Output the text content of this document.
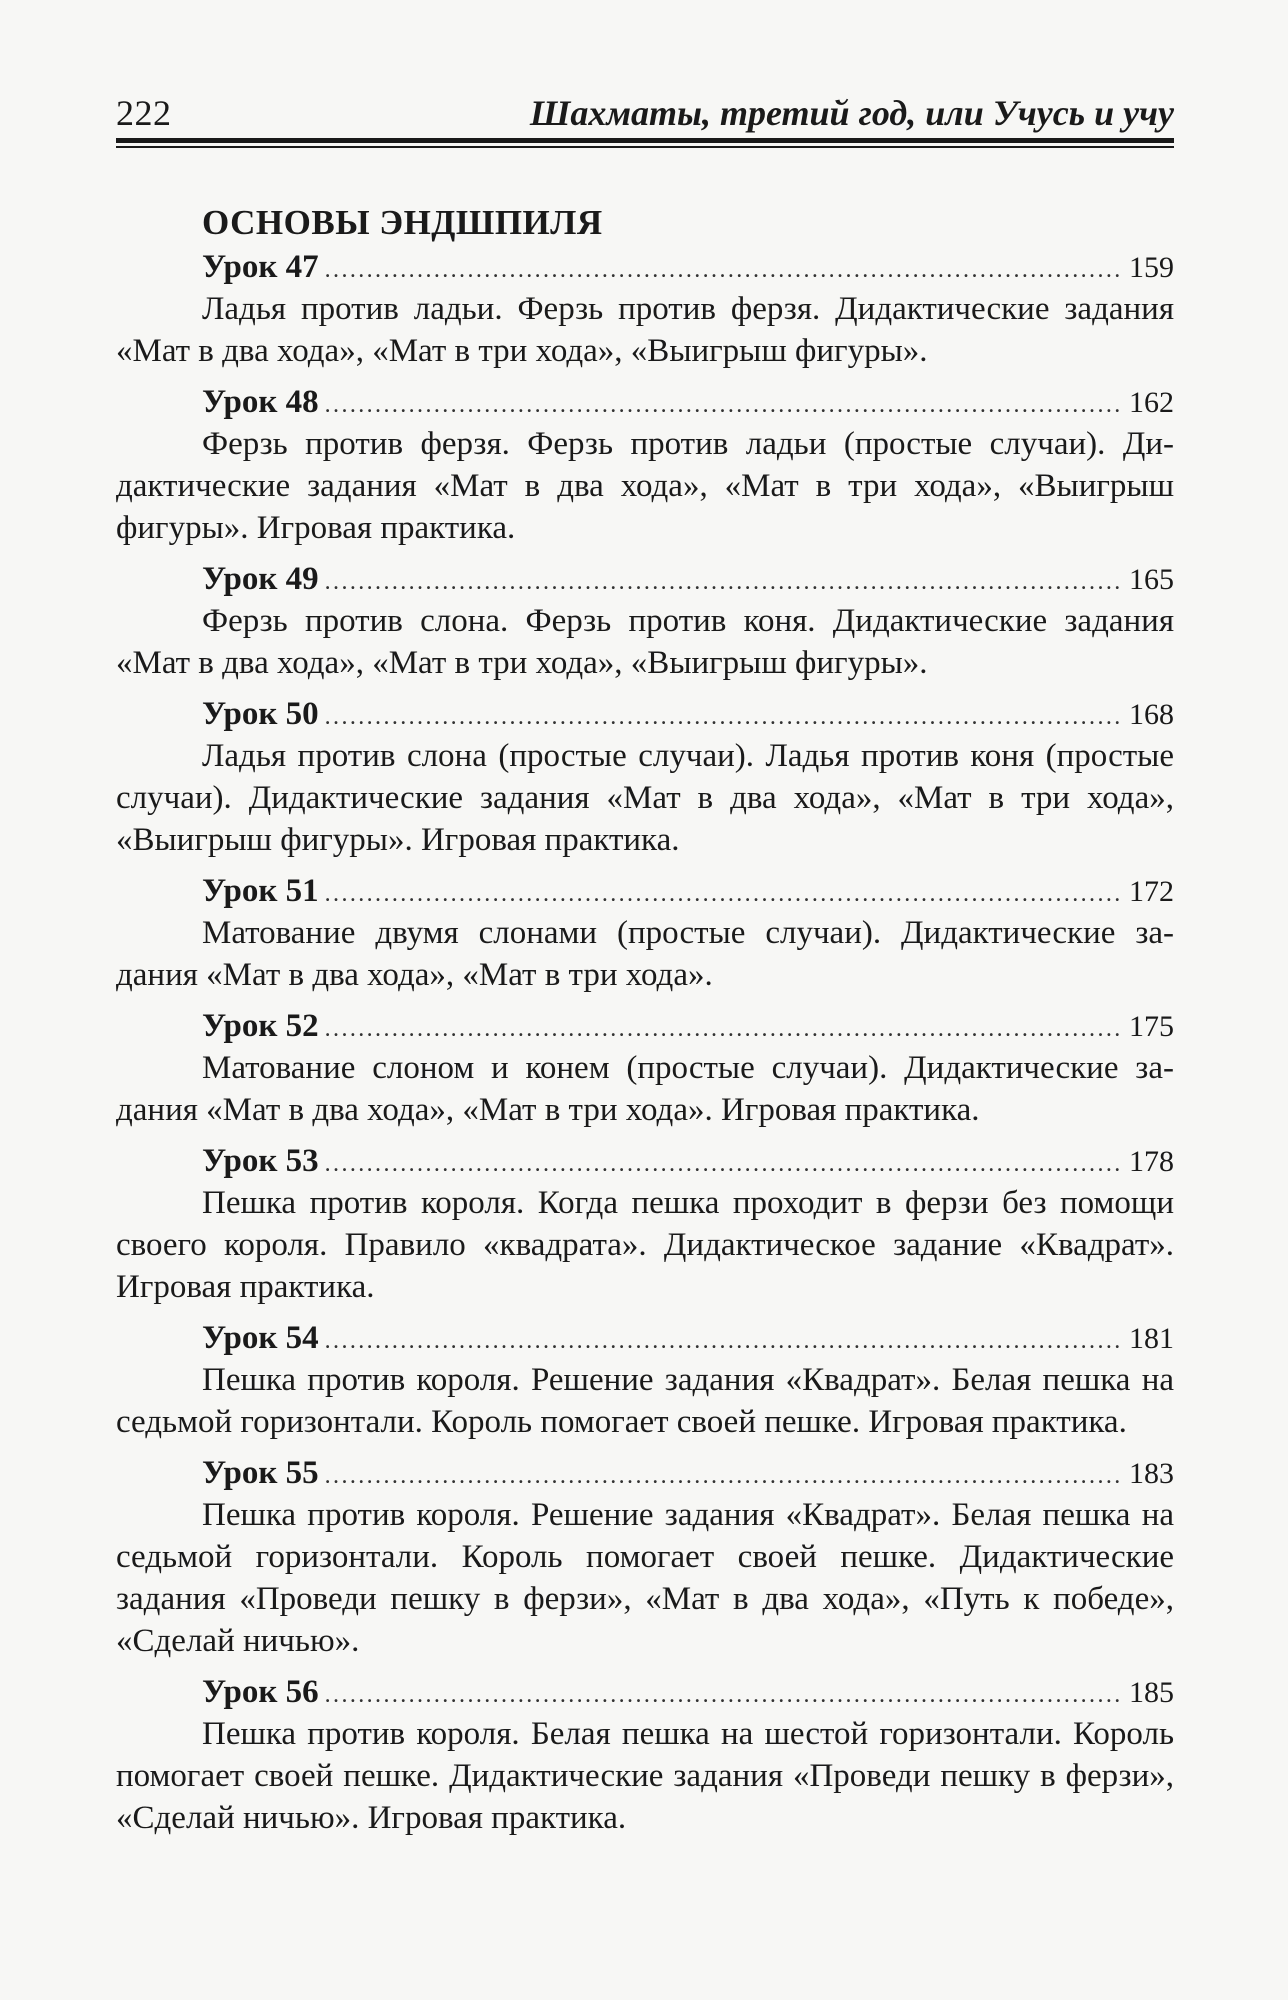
222	Шахматы, третий год, или Учусь и учу
ОСНОВЫ ЭНДШПИЛЯ
Урок 47 .....	159

Ладья против ладьи. Ферзь против ферзя. Дидактические задания «Мат в два хода», «Мат в три хода», «Выигрыш фигуры».

Урок 48 .....	162

Ферзь против ферзя. Ферзь против ладьи (простые случаи). Дидактические задания «Мат в два хода», «Мат в три хода», «Выигрыш фигуры». Игровая практика.

Урок 49 .....	165

Ферзь против слона. Ферзь против коня. Дидактические задания «Мат в два хода», «Мат в три хода», «Выигрыш фигуры».

Урок 50 .....	168

Ладья против слона (простые случаи). Ладья против коня (простые случаи). Дидактические задания «Мат в два хода», «Мат в три хода», «Выигрыш фигуры». Игровая практика.

Урок 51 .....	172

Матование двумя слонами (простые случаи). Дидактические задания «Мат в два хода», «Мат в три хода».

Урок 52 .....	175

Матование слоном и конем (простые случаи). Дидактические задания «Мат в два хода», «Мат в три хода». Игровая практика.

Урок 53 .....	178

Пешка против короля. Когда пешка проходит в ферзи без помощи своего короля. Правило «квадрата». Дидактическое задание «Квадрат». Игровая практика.

Урок 54 .....	181

Пешка против короля. Решение задания «Квадрат». Белая пешка на седьмой горизонтали. Король помогает своей пешке. Игровая практика.

Урок 55 .....	183

Пешка против короля. Решение задания «Квадрат». Белая пешка на седьмой горизонтали. Король помогает своей пешке. Дидактические задания «Проведи пешку в ферзи», «Мат в два хода», «Путь к победе», «Сделай ничью».

Урок 56 .....	185

Пешка против короля. Белая пешка на шестой горизонтали. Король помогает своей пешке. Дидактические задания «Проведи пешку в ферзи», «Сделай ничью». Игровая практика.
